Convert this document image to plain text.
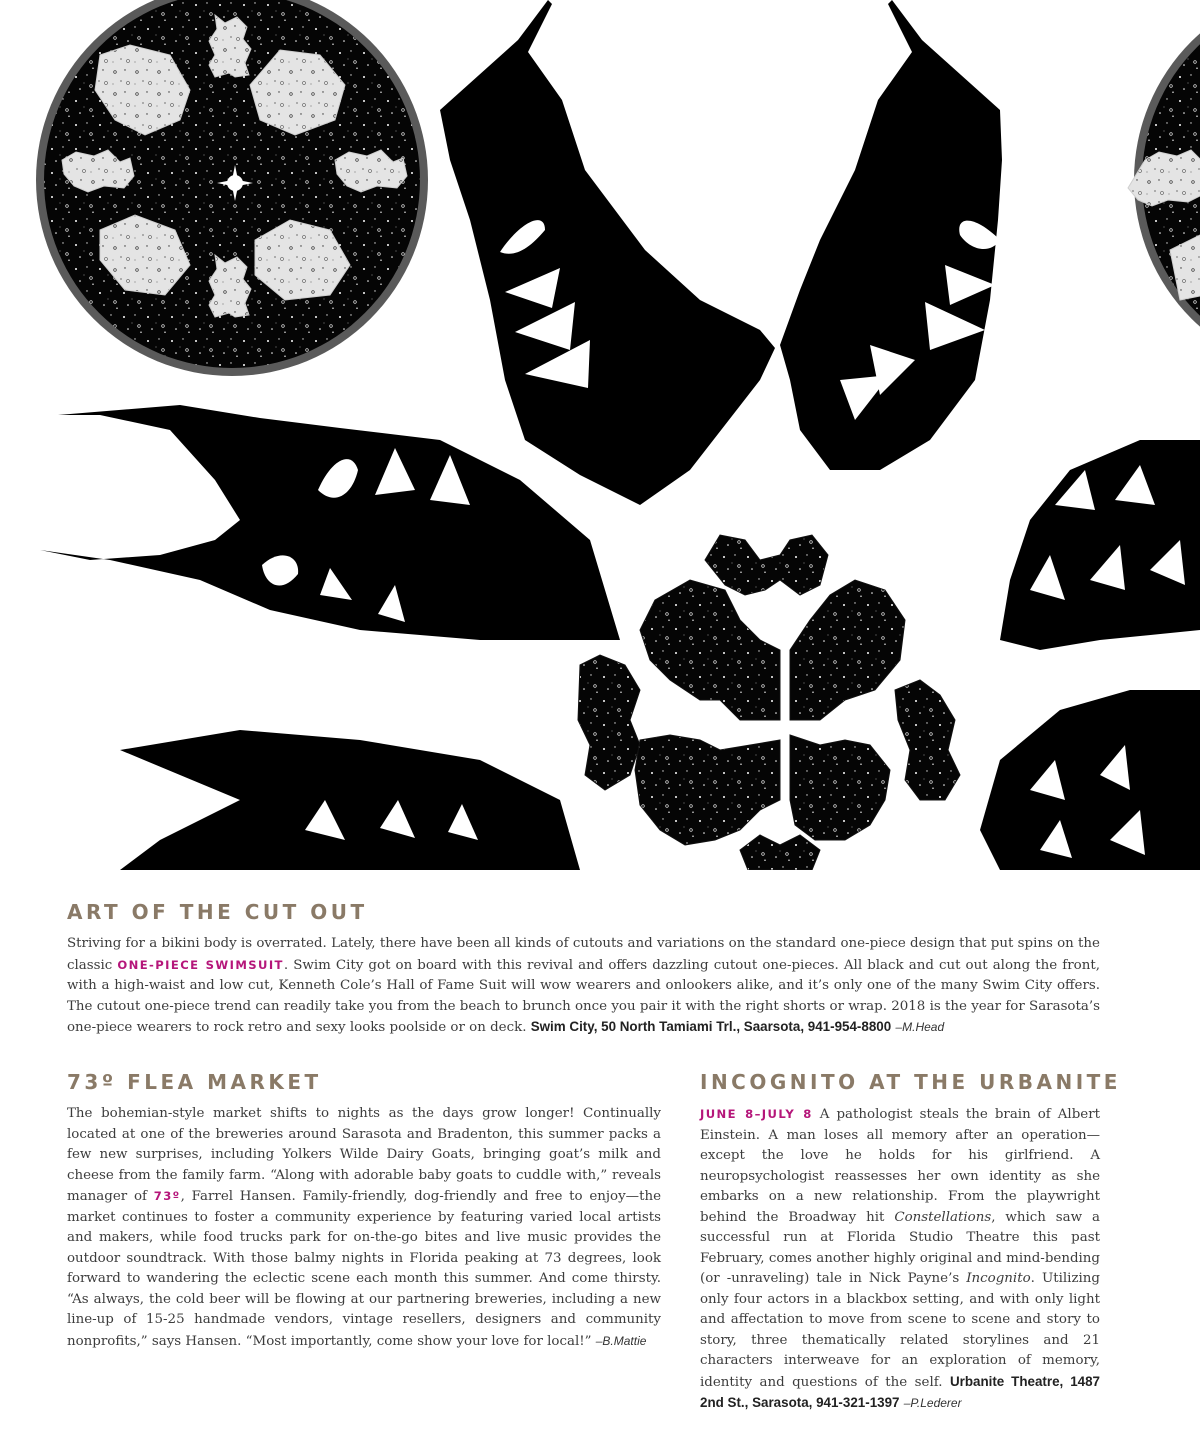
ART OF THE CUT OUT

Striving for a bikini body is overrated. Lately, there have been all kinds of cutouts and variations on the standard one-piece design that put spins on the classic ONE-PIECE SWIMSUIT. Swim City got on board with this revival and offers dazzling cutout one-pieces. All black and cut out along the front, with a high-waist and low cut, Kenneth Cole’s Hall of Fame Suit will wow wearers and onlookers alike, and it’s only one of the many Swim City offers. The cutout one-piece trend can readily take you from the beach to brunch once you pair it with the right shorts or wrap. 2018 is the year for Sarasota’s one-piece wearers to rock retro and sexy looks poolside or on deck. Swim City, 50 North Tamiami Trl., Saarsota, 941-954-8800 –M.Head

73º FLEA MARKET

The bohemian-style market shifts to nights as the days grow longer! Continually located at one of the breweries around Sarasota and Bradenton, this summer packs a few new surprises, including Yolkers Wilde Dairy Goats, bringing goat’s milk and cheese from the family farm. “Along with adorable baby goats to cuddle with,” reveals manager of 73º, Farrel Hansen. Family-friendly, dog-friendly and free to enjoy—the market continues to foster a community experience by featuring varied local artists and makers, while food trucks park for on-the-go bites and live music provides the outdoor soundtrack. With those balmy nights in Florida peaking at 73 degrees, look forward to wandering the eclectic scene each month this summer. And come thirsty. “As always, the cold beer will be flowing at our partnering breweries, including a new line-up of 15-25 handmade vendors, vintage resellers, designers and community nonprofits,” says Hansen. “Most importantly, come show your love for local!” –B.Mattie

INCOGNITO AT THE URBANITE

JUNE 8–JULY 8 A pathologist steals the brain of Albert Einstein. A man loses all memory after an operation—except the love he holds for his girlfriend. A neuropsychologist reassesses her own identity as she embarks on a new relationship. From the playwright behind the Broadway hit Constellations, which saw a successful run at Florida Studio Theatre this past February, comes another highly original and mind-bending (or -unraveling) tale in Nick Payne’s Incognito. Utilizing only four actors in a blackbox setting, and with only light and affectation to move from scene to scene and story to story, three thematically related storylines and 21 characters interweave for an exploration of memory, identity and questions of the self. Urbanite Theatre, 1487 2nd St., Sarasota, 941-321-1397 –P.Lederer
